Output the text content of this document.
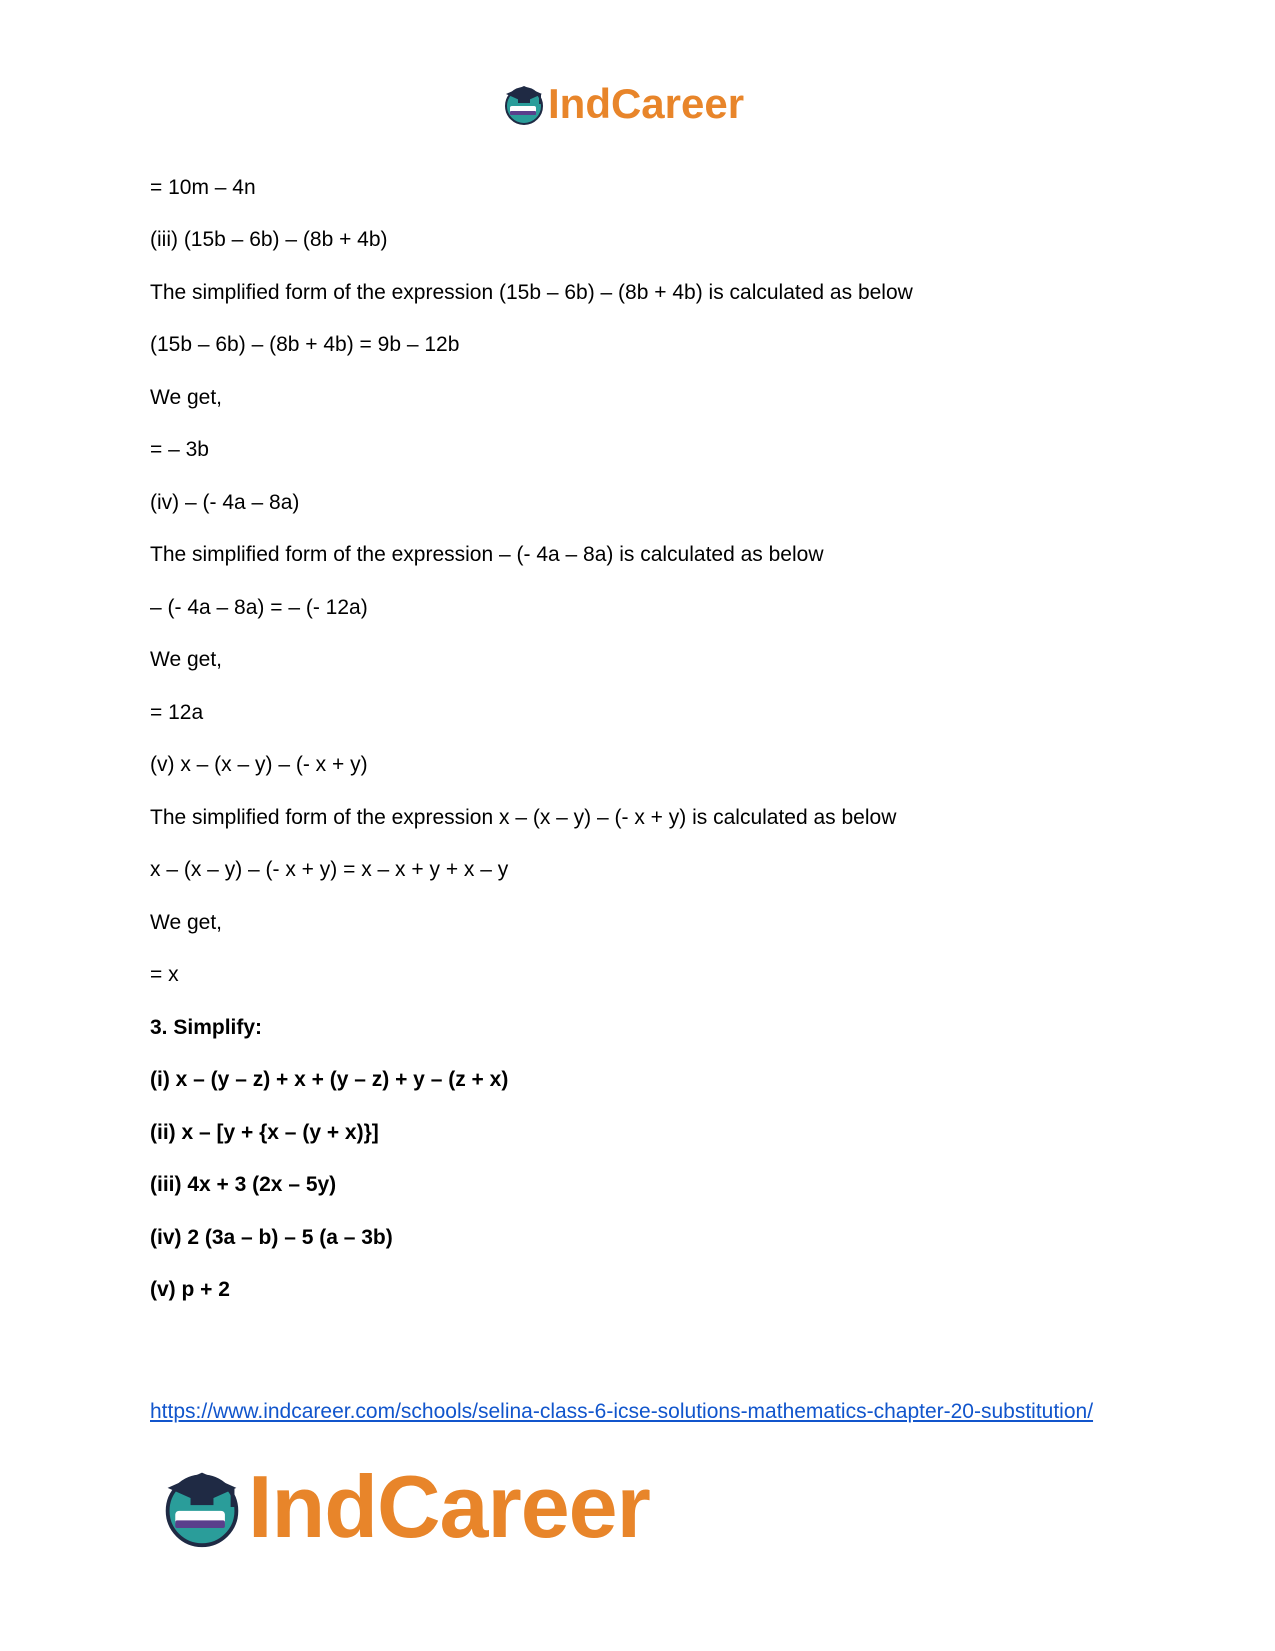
IndCareer
= 10m – 4n
(iii) (15b – 6b) – (8b + 4b)
The simplified form of the expression (15b – 6b) – (8b + 4b) is calculated as below
(15b – 6b) – (8b + 4b) = 9b – 12b
We get,
= – 3b
(iv) – (- 4a – 8a)
The simplified form of the expression – (- 4a – 8a) is calculated as below
– (- 4a – 8a) = – (- 12a)
We get,
= 12a
(v) x – (x – y) – (- x + y)
The simplified form of the expression x – (x – y) – (- x + y) is calculated as below
x – (x – y) – (- x + y) = x – x + y + x – y
We get,
= x
3. Simplify:
(i) x – (y – z) + x + (y – z) + y – (z + x)
(ii) x – [y + {x – (y + x)}]
(iii) 4x + 3 (2x – 5y)
(iv) 2 (3a – b) – 5 (a – 3b)
(v) p + 2
https://www.indcareer.com/schools/selina-class-6-icse-solutions-mathematics-chapter-20-substitution/
IndCareer
